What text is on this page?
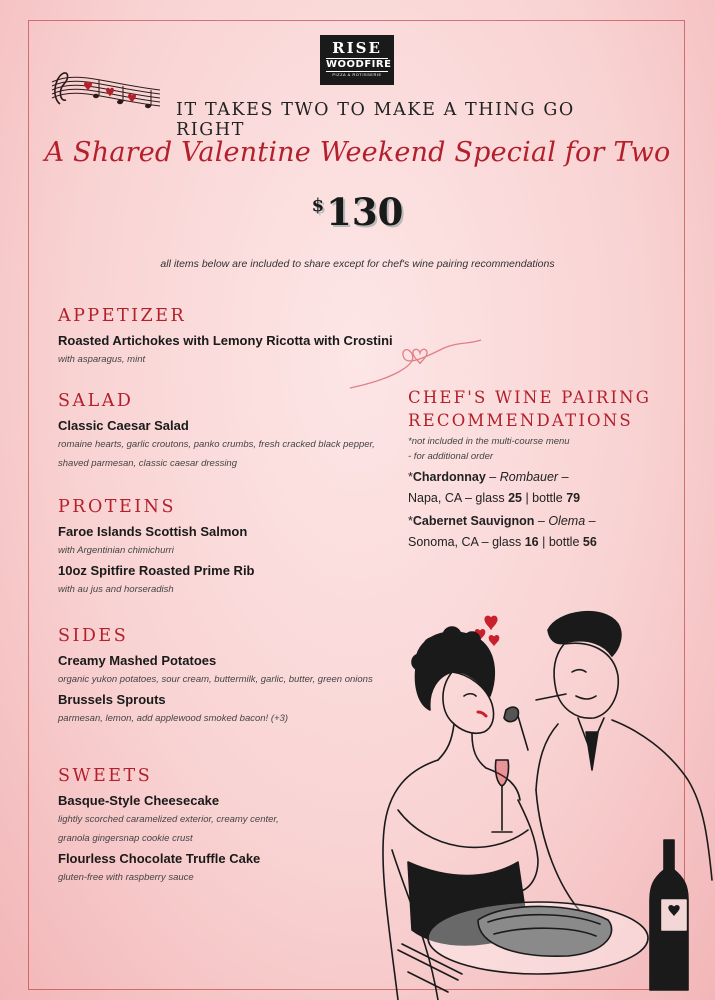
RISE
WOODFIRE
PIZZA & ROTISSERIE
IT TAKES TWO TO MAKE A THING GO RIGHT
A Shared Valentine Weekend Special for Two
$130
all items below are included to share except for chef's wine pairing recommendations
APPETIZER
Roasted Artichokes with Lemony Ricotta with Crostini
with asparagus, mint
SALAD
Classic Caesar Salad
romaine hearts, garlic croutons, panko crumbs, fresh cracked black pepper, shaved parmesan, classic caesar dressing
PROTEINS
Faroe Islands Scottish Salmon
with Argentinian chimichurri
10oz Spitfire Roasted Prime Rib
with au jus and horseradish
SIDES
Creamy Mashed Potatoes
organic yukon potatoes, sour cream, buttermilk, garlic, butter, green onions
Brussels Sprouts
parmesan, lemon, add applewood smoked bacon! (+3)
SWEETS
Basque-Style Cheesecake
lightly scorched caramelized exterior, creamy center, granola gingersnap cookie crust
Flourless Chocolate Truffle Cake
gluten-free with raspberry sauce
CHEF'S WINE PAIRING
RECOMMENDATIONS
*not included in the multi-course menu
- for additional order
*Chardonnay – Rombauer –
Napa, CA – glass 25 | bottle 79
*Cabernet Sauvignon – Olema –
Sonoma, CA – glass 16 | bottle 56
